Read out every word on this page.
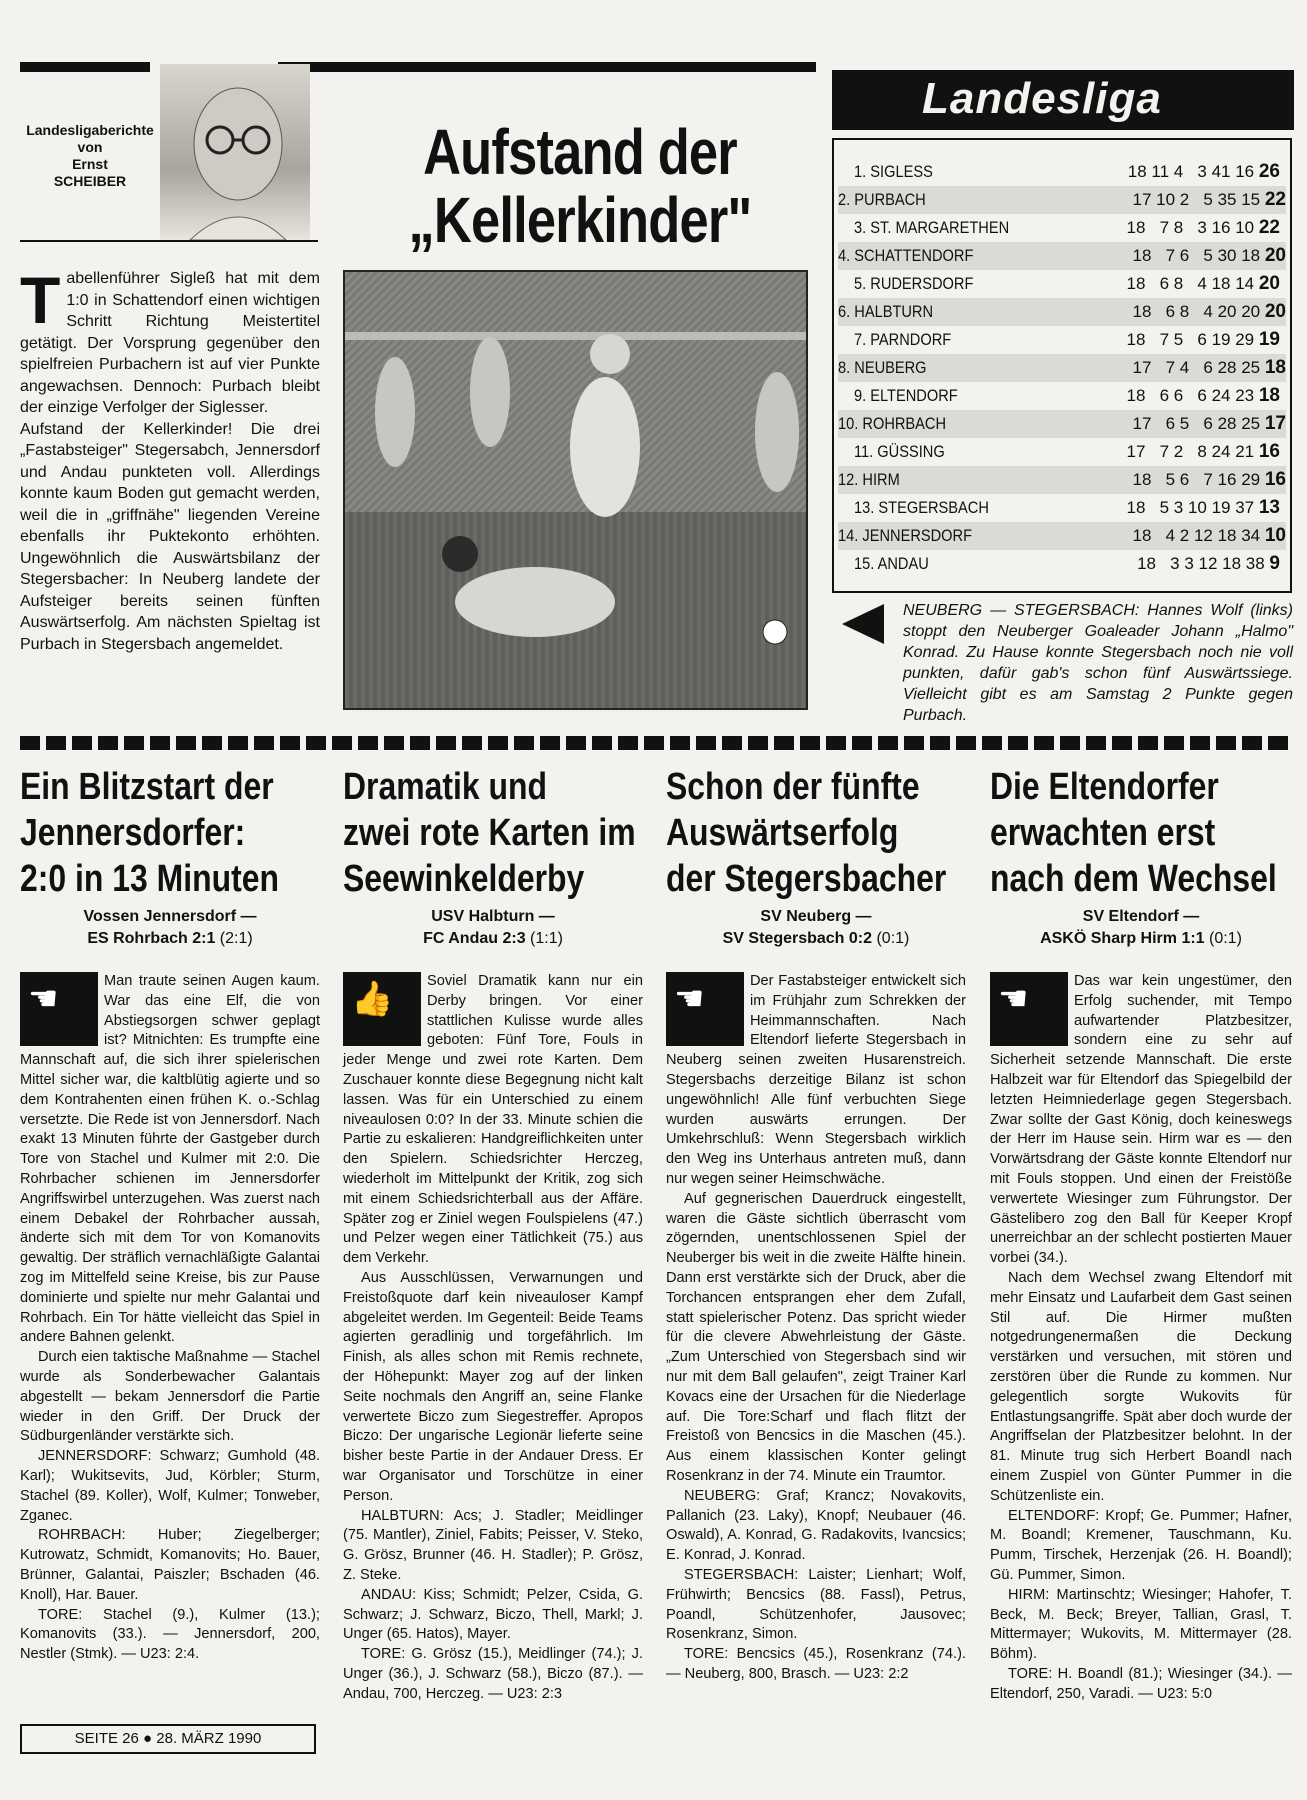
Landesligaberichte
von
Ernst
SCHEIBER	Aufstand der
„Kellerkinder"
Tabellenführer Sigleß hat mit dem 1:0 in Schattendorf einen wichtigen Schritt Richtung Meistertitel getätigt. Der Vorsprung gegenüber den spielfreien Purbachern ist auf vier Punkte angewachsen. Dennoch: Purbach bleibt der einzige Verfolger der Siglesser.
Aufstand der Kellerkinder! Die drei „Fastabsteiger" Stegersabch, Jennersdorf und Andau punkteten voll. Allerdings konnte kaum Boden gut gemacht werden, weil die in „griffnähe" liegenden Vereine ebenfalls ihr Puktekonto erhöhten. Ungewöhnlich die Auswärtsbilanz der Stegersbacher: In Neuberg landete der Aufsteiger bereits seinen fünften Auswärtserfolg. Am nächsten Spieltag ist Purbach in Stegersbach angemeldet.
Landesliga
1. SIGLESS	18 11 4   3 41 16 26
2. PURBACH	17 10 2   5 35 15 22
3. ST. MARGARETHEN	18   7 8   3 16 10 22
4. SCHATTENDORF	18   7 6   5 30 18 20
5. RUDERSDORF	18   6 8   4 18 14 20
6. HALBTURN	18   6 8   4 20 20 20
7. PARNDORF	18   7 5   6 19 29 19
8. NEUBERG	17   7 4   6 28 25 18
9. ELTENDORF	18   6 6   6 24 23 18
10. ROHRBACH	17   6 5   6 28 25 17
11. GÜSSING	17   7 2   8 24 21 16
12. HIRM	18   5 6   7 16 29 16
13. STEGERSBACH	18   5 3 10 19 37 13
14. JENNERSDORF	18   4 2 12 18 34 10
15. ANDAU	18   3 3 12 18 38 9
NEUBERG — STEGERSBACH: Hannes Wolf (links) stoppt den Neuberger Goaleader Johann „Halmo" Konrad. Zu Hause konnte Stegersbach noch nie voll punkten, dafür gab's schon fünf Auswärtssiege. Vielleicht gibt es am Samstag 2 Punkte gegen Purbach.
Ein Blitzstart der
Jennersdorfer:
2:0 in 13 Minuten
Vossen Jennersdorf —
ES Rohrbach 2:1 (2:1)
☚	Man traute seinen Augen kaum. War das eine Elf, die von Abstiegsorgen schwer geplagt ist? Mitnichten: Es trumpfte eine Mannschaft auf, die sich ihrer spielerischen Mittel sicher war, die kaltblütig agierte und so dem Kontrahenten einen frühen K. o.-Schlag versetzte. Die Rede ist von Jennersdorf. Nach exakt 13 Minuten führte der Gastgeber durch Tore von Stachel und Kulmer mit 2:0. Die Rohrbacher schienen im Jennersdorfer Angriffswirbel unterzugehen. Was zuerst nach einem Debakel der Rohrbacher aussah, änderte sich mit dem Tor von Komanovits gewaltig. Der sträflich vernachläßigte Galantai zog im Mittelfeld seine Kreise, bis zur Pause dominierte und spielte nur mehr Galantai und Rohrbach. Ein Tor hätte vielleicht das Spiel in andere Bahnen gelenkt.

Durch eien taktische Maßnahme — Stachel wurde als Sonderbewacher Galantais abgestellt — bekam Jennersdorf die Partie wieder in den Griff. Der Druck der Südburgenländer verstärkte sich.

JENNERSDORF: Schwarz; Gumhold (48. Karl); Wukitsevits, Jud, Körbler; Sturm, Stachel (89. Koller), Wolf, Kulmer; Tonweber, Zganec.

ROHRBACH: Huber; Ziegelberger; Kutrowatz, Schmidt, Komanovits; Ho. Bauer, Brünner, Galantai, Paiszler; Bschaden (46. Knoll), Har. Bauer.

TORE: Stachel (9.), Kulmer (13.); Komanovits (33.). — Jennersdorf, 200, Nestler (Stmk). — U23: 2:4.

Dramatik und
zwei rote Karten im
Seewinkelderby
USV Halbturn —
FC Andau 2:3 (1:1)
👍	Soviel Dramatik kann nur ein Derby bringen. Vor einer stattlichen Kulisse wurde alles geboten: Fünf Tore, Fouls in jeder Menge und zwei rote Karten. Dem Zuschauer konnte diese Begegnung nicht kalt lassen. Was für ein Unterschied zu einem niveaulosen 0:0? In der 33. Minute schien die Partie zu eskalieren: Handgreiflichkeiten unter den Spielern. Schiedsrichter Herczeg, wiederholt im Mittelpunkt der Kritik, zog sich mit einem Schiedsrichterball aus der Affäre. Später zog er Ziniel wegen Foulspielens (47.) und Pelzer wegen einer Tätlichkeit (75.) aus dem Verkehr.

Aus Ausschlüssen, Verwarnungen und Freistoßquote darf kein niveauloser Kampf abgeleitet werden. Im Gegenteil: Beide Teams agierten geradlinig und torgefährlich. Im Finish, als alles schon mit Remis rechnete, der Höhepunkt: Mayer zog auf der linken Seite nochmals den Angriff an, seine Flanke verwertete Biczo zum Siegestreffer. Apropos Biczo: Der ungarische Legionär lieferte seine bisher beste Partie in der Andauer Dress. Er war Organisator und Torschütze in einer Person.

HALBTURN: Acs; J. Stadler; Meidlinger (75. Mantler), Ziniel, Fabits; Peisser, V. Steko, G. Grösz, Brunner (46. H. Stadler); P. Grösz, Z. Steke.

ANDAU: Kiss; Schmidt; Pelzer, Csida, G. Schwarz; J. Schwarz, Biczo, Thell, Markl; J. Unger (65. Hatos), Mayer.

TORE: G. Grösz (15.), Meidlinger (74.); J. Unger (36.), J. Schwarz (58.), Biczo (87.). — Andau, 700, Herczeg. — U23: 2:3

Schon der fünfte
Auswärtserfolg
der Stegersbacher
SV Neuberg —
SV Stegersbach 0:2 (0:1)
☚	Der Fastabsteiger entwickelt sich im Frühjahr zum Schrekken der Heimmannschaften. Nach Eltendorf lieferte Stegersbach in Neuberg seinen zweiten Husarenstreich. Stegersbachs derzeitige Bilanz ist schon ungewöhnlich! Alle fünf verbuchten Siege wurden auswärts errungen. Der Umkehrschluß: Wenn Stegersbach wirklich den Weg ins Unterhaus antreten muß, dann nur wegen seiner Heimschwäche.

Auf gegnerischen Dauerdruck eingestellt, waren die Gäste sichtlich überrascht vom zögernden, unentschlossenen Spiel der Neuberger bis weit in die zweite Hälfte hinein. Dann erst verstärkte sich der Druck, aber die Torchancen entsprangen eher dem Zufall, statt spielerischer Potenz. Das spricht wieder für die clevere Abwehrleistung der Gäste. „Zum Unterschied von Stegersbach sind wir nur mit dem Ball gelaufen", zeigt Trainer Karl Kovacs eine der Ursachen für die Niederlage auf. Die Tore:Scharf und flach flitzt der Freistoß von Bencsics in die Maschen (45.). Aus einem klassischen Konter gelingt Rosenkranz in der 74. Minute ein Traumtor.

NEUBERG: Graf; Krancz; Novakovits, Pallanich (23. Laky), Knopf; Neubauer (46. Oswald), A. Konrad, G. Radakovits, Ivancsics; E. Konrad, J. Konrad.

STEGERSBACH: Laister; Lienhart; Wolf, Frühwirth; Bencsics (88. Fassl), Petrus, Poandl, Schützenhofer, Jausovec; Rosenkranz, Simon.

TORE: Bencsics (45.), Rosenkranz (74.). — Neuberg, 800, Brasch. — U23: 2:2

Die Eltendorfer
erwachten erst
nach dem Wechsel
SV Eltendorf —
ASKÖ Sharp Hirm 1:1 (0:1)
☚	Das war kein ungestümer, den Erfolg suchender, mit Tempo aufwartender Platzbesitzer, sondern eine zu sehr auf Sicherheit setzende Mannschaft. Die erste Halbzeit war für Eltendorf das Spiegelbild der letzten Heimniederlage gegen Stegersbach. Zwar sollte der Gast König, doch keineswegs der Herr im Hause sein. Hirm war es — den Vorwärtsdrang der Gäste konnte Eltendorf nur mit Fouls stoppen. Und einen der Freistöße verwertete Wiesinger zum Führungstor. Der Gästelibero zog den Ball für Keeper Kropf unerreichbar an der schlecht postierten Mauer vorbei (34.).

Nach dem Wechsel zwang Eltendorf mit mehr Einsatz und Laufarbeit dem Gast seinen Stil auf. Die Hirmer mußten notgedrungenermaßen die Deckung verstärken und versuchen, mit stören und zerstören über die Runde zu kommen. Nur gelegentlich sorgte Wukovits für Entlastungsangriffe. Spät aber doch wurde der Angriffselan der Platzbesitzer belohnt. In der 81. Minute trug sich Herbert Boandl nach einem Zuspiel von Günter Pummer in die Schützenliste ein.

ELTENDORF: Kropf; Ge. Pummer; Hafner, M. Boandl; Kremener, Tauschmann, Ku. Pumm, Tirschek, Herzenjak (26. H. Boandl); Gü. Pummer, Simon.

HIRM: Martinschtz; Wiesinger; Hahofer, T. Beck, M. Beck; Breyer, Tallian, Grasl, T. Mittermayer; Wukovits, M. Mittermayer (28. Böhm).

TORE: H. Boandl (81.); Wiesinger (34.). — Eltendorf, 250, Varadi. — U23: 5:0

SEITE 26 ● 28. MÄRZ 1990
